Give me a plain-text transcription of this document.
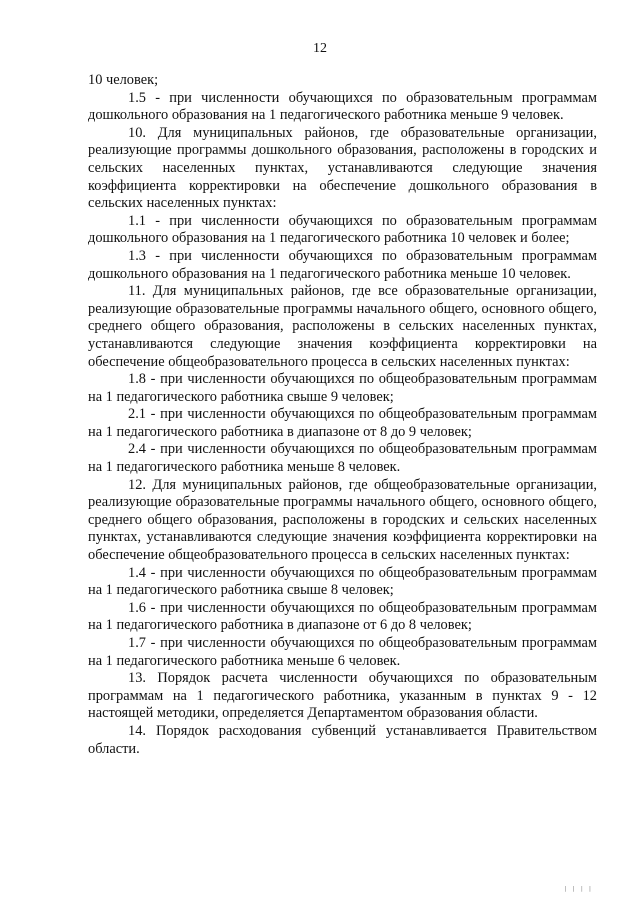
12

10 человек;

1.5 - при численности обучающихся по образовательным программам дошкольного образования на 1 педагогического работника меньше 9 человек.

10. Для муниципальных районов, где образовательные организации, реализующие программы дошкольного образования, расположены в городских и сельских населенных пунктах, устанавливаются следующие значения коэффициента корректировки на обеспечение дошкольного образования в сельских населенных пунктах:

1.1 - при численности обучающихся по образовательным программам дошкольного образования на 1 педагогического работника 10 человек и более;

1.3 - при численности обучающихся по образовательным программам дошкольного образования на 1 педагогического работника меньше 10 человек.

11. Для муниципальных районов, где все образовательные организации, реализующие образовательные программы начального общего, основного общего, среднего общего образования, расположены в сельских населенных пунктах, устанавливаются следующие значения коэффициента корректировки на обеспечение общеобразовательного процесса в сельских населенных пунктах:

1.8 - при численности обучающихся по общеобразовательным программам на 1 педагогического работника свыше 9 человек;

2.1 - при численности обучающихся по общеобразовательным программам на 1 педагогического работника в диапазоне от 8 до 9 человек;

2.4 - при численности обучающихся по общеобразовательным программам на 1 педагогического работника меньше 8 человек.

12. Для муниципальных районов, где общеобразовательные организации, реализующие образовательные программы начального общего, основного общего, среднего общего образования, расположены в городских и сельских населенных пунктах, устанавливаются следующие значения коэффициента корректировки на обеспечение общеобразовательного процесса в сельских населенных пунктах:

1.4 - при численности обучающихся по общеобразовательным программам на 1 педагогического работника свыше 8 человек;

1.6 - при численности обучающихся по общеобразовательным программам на 1 педагогического работника в диапазоне от 6 до 8 человек;

1.7 - при численности обучающихся по общеобразовательным программам на 1 педагогического работника меньше 6 человек.

13. Порядок расчета численности обучающихся по образовательным программам на 1 педагогического работника, указанным в пунктах 9 - 12 настоящей методики, определяется Департаментом образования области.

14. Порядок расходования субвенций устанавливается Правительством области.

❘❘❘❘
